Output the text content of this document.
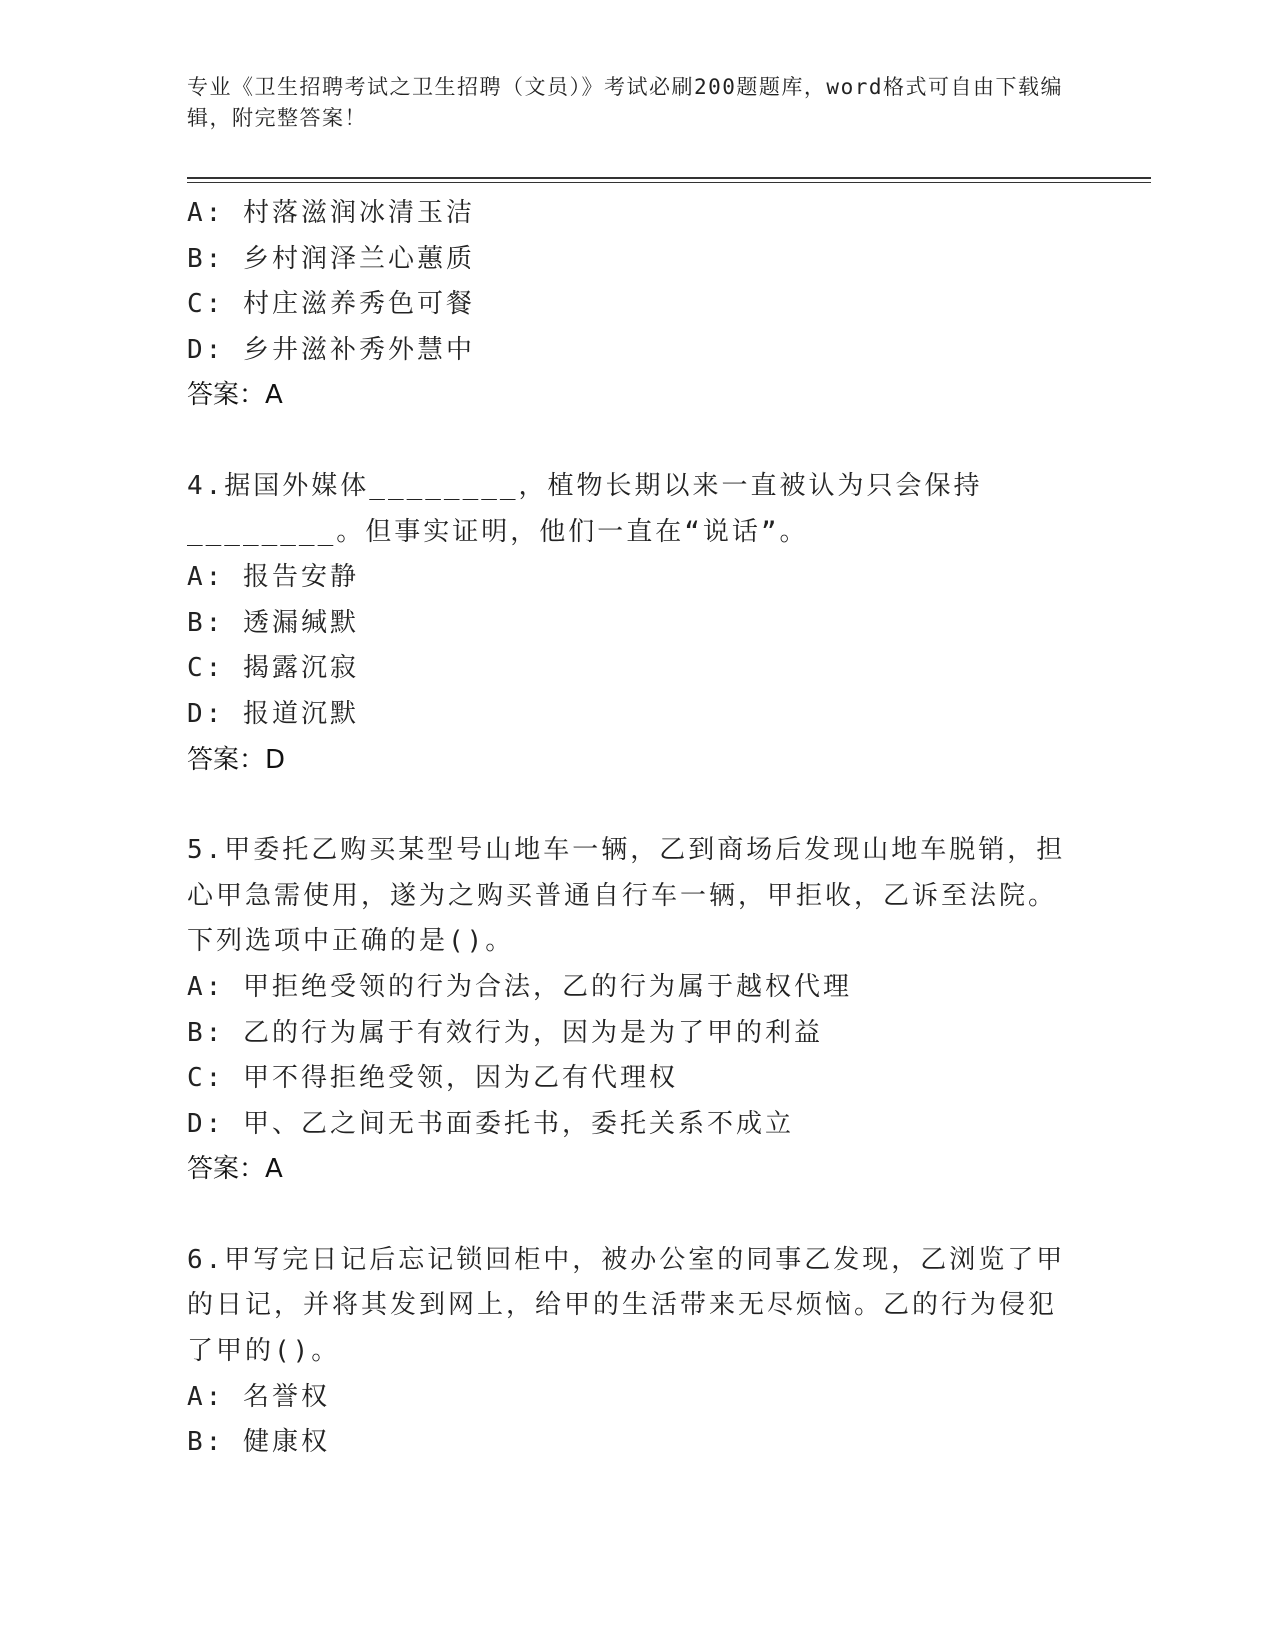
专业《卫生招聘考试之卫生招聘（文员）》考试必刷200题题库，word格式可自由下载编辑，附完整答案！
A: 村落滋润冰清玉洁
B: 乡村润泽兰心蕙质
C: 村庄滋养秀色可餐
D: 乡井滋补秀外慧中
答案：A
4.据国外媒体________，植物长期以来一直被认为只会保持________。但事实证明，他们一直在“说话”。
A: 报告安静
B: 透漏缄默
C: 揭露沉寂
D: 报道沉默
答案：D
5.甲委托乙购买某型号山地车一辆，乙到商场后发现山地车脱销，担心甲急需使用，遂为之购买普通自行车一辆，甲拒收，乙诉至法院。下列选项中正确的是()。
A: 甲拒绝受领的行为合法，乙的行为属于越权代理
B: 乙的行为属于有效行为，因为是为了甲的利益
C: 甲不得拒绝受领，因为乙有代理权
D: 甲、乙之间无书面委托书，委托关系不成立
答案：A
6.甲写完日记后忘记锁回柜中，被办公室的同事乙发现，乙浏览了甲的日记，并将其发到网上，给甲的生活带来无尽烦恼。乙的行为侵犯了甲的()。
A: 名誉权
B: 健康权
